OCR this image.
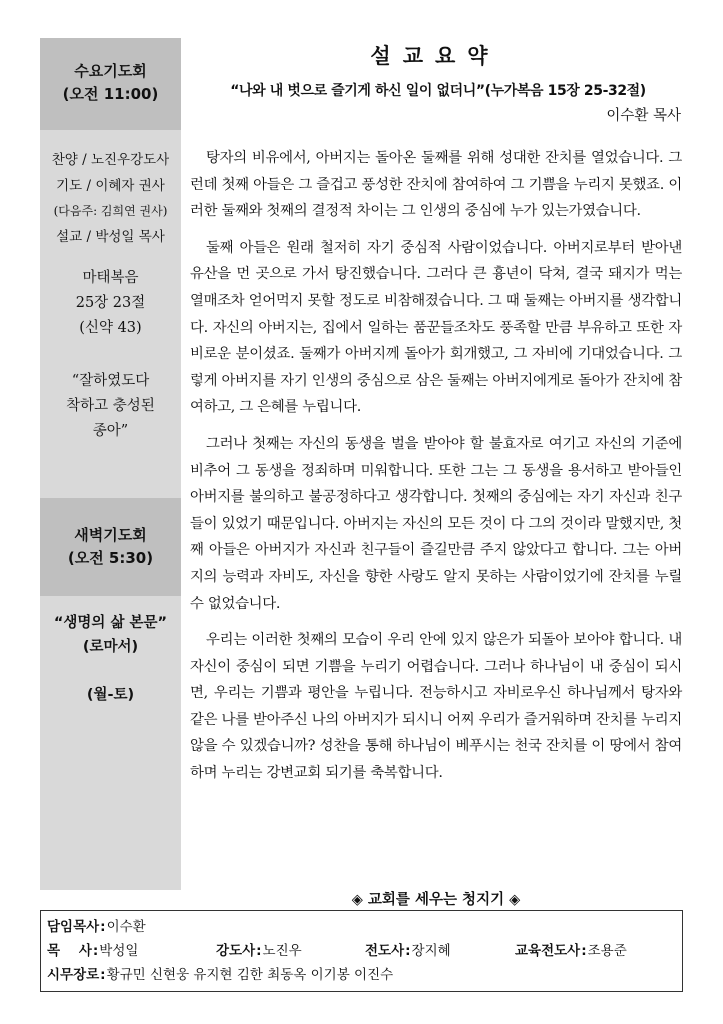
수요기도회
(오전 11:00)
찬양 / 노진우강도사
기도 / 이혜자 권사
(다음주: 김희연 권사)
설교 / 박성일 목사
마태복음
25장 23절
(신약 43)
“잘하였도다
착하고 충성된
종아”
새벽기도회
(오전 5:30)
“생명의 삶 본문”
(로마서)
(월-토)
설교요약
“나와 내 벗으로 즐기게 하신 일이 없더니”(누가복음 15장 25-32절)
이수환 목사

탕자의 비유에서, 아버지는 돌아온 둘째를 위해 성대한 잔치를 열었습니다. 그런데 첫째 아들은 그 즐겁고 풍성한 잔치에 참여하여 그 기쁨을 누리지 못했죠. 이러한 둘째와 첫째의 결정적 차이는 그 인생의 중심에 누가 있는가였습니다.

둘째 아들은 원래 철저히 자기 중심적 사람이었습니다. 아버지로부터 받아낸 유산을 먼 곳으로 가서 탕진했습니다. 그러다 큰 흉년이 닥쳐, 결국 돼지가 먹는 열매조차 얻어먹지 못할 정도로 비참해졌습니다. 그 때 둘째는 아버지를 생각합니다. 자신의 아버지는, 집에서 일하는 품꾼들조차도 풍족할 만큼 부유하고 또한 자비로운 분이셨죠. 둘째가 아버지께 돌아가 회개했고, 그 자비에 기대었습니다. 그렇게 아버지를 자기 인생의 중심으로 삼은 둘째는 아버지에게로 돌아가 잔치에 참여하고, 그 은혜를 누립니다.

그러나 첫째는 자신의 동생을 벌을 받아야 할 불효자로 여기고 자신의 기준에 비추어 그 동생을 정죄하며 미워합니다. 또한 그는 그 동생을 용서하고 받아들인 아버지를 불의하고 불공정하다고 생각합니다. 첫째의 중심에는 자기 자신과 친구들이 있었기 때문입니다. 아버지는 자신의 모든 것이 다 그의 것이라 말했지만, 첫째 아들은 아버지가 자신과 친구들이 즐길만큼 주지 않았다고 합니다. 그는 아버지의 능력과 자비도, 자신을 향한 사랑도 알지 못하는 사람이었기에 잔치를 누릴 수 없었습니다.

우리는 이러한 첫째의 모습이 우리 안에 있지 않은가 되돌아 보아야 합니다. 내 자신이 중심이 되면 기쁨을 누리기 어렵습니다. 그러나 하나님이 내 중심이 되시면, 우리는 기쁨과 평안을 누립니다. 전능하시고 자비로우신 하나님께서 탕자와 같은 나를 받아주신 나의 아버지가 되시니 어찌 우리가 즐거워하며 잔치를 누리지 않을 수 있겠습니까? 성찬을 통해 하나님이 베푸시는 천국 잔치를 이 땅에서 참여하며 누리는 강변교회 되기를 축복합니다.

◈ 교회를 세우는 청지기 ◈
담임목사:이수환
목    사:박성일	강도사:노진우	전도사:장지혜	교육전도사:조용준
시무장로:황규민 신현웅 유지현 김한 최동옥 이기봉 이진수
